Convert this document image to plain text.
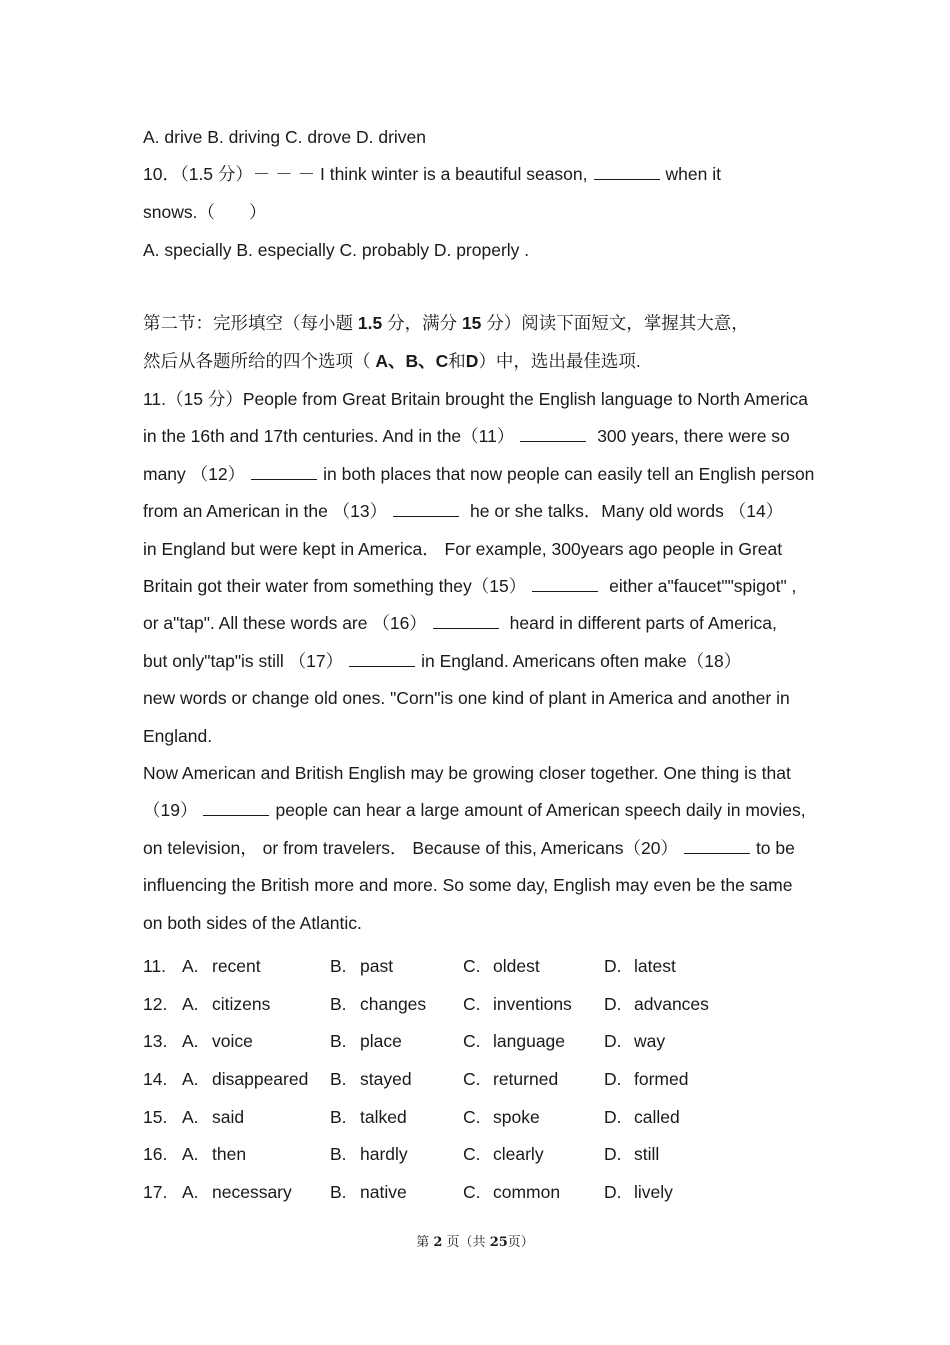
A. drive B. driving C. drove D. driven
10．（1.5 分）－ － － I think winter is a beautiful season,	when it
snows.（ ）
A. specially B. especially C. probably D. properly .
第二节：完形填空（每小题 1.5 分，满分 15 分）阅读下面短文，掌握其大意，
然后从各题所给的四个选项（ A、B、C和D）中，选出最佳选项.
11.（15 分）People from Great Britain brought the English language to North America
in the 16th and 17th centuries. And in the（11）	300 years, there were so
many （12）	in both places that now people can easily tell an English person
from an American in the （13）	he or she talks．Many old words （14）
in England but were kept in America． For example, 300years ago people in Great
Britain got their water from something they（15）	either a"faucet""spigot" ,
or a"tap". All these words are （16）	heard in different parts of America,
but only"tap"is still （17）	in England. Americans often make（18）
new words or change old ones. "Corn"is one kind of plant in America and another in
England.
Now American and British English may be growing closer together. One thing is that
（19）	people can hear a large amount of American speech daily in movies,
on television， or from travelers． Because of this, Americans（20）	to be
influencing the British more and more. So some day, English may even be the same
on both sides of the Atlantic.
11.	A.	recent	B.	past	C.	oldest	D.	latest
12.	A.	citizens	B.	changes	C.	inventions	D.	advances
13.	A.	voice	B.	place	C.	language	D.	way
14.	A.	disappeared	B.	stayed	C.	returned	D.	formed
15.	A.	said	B.	talked	C.	spoke	D.	called
16.	A.	then	B.	hardly	C.	clearly	D.	still
17.	A.	necessary	B.	native	C.	common	D.	lively
第 2 页（共 25页）
